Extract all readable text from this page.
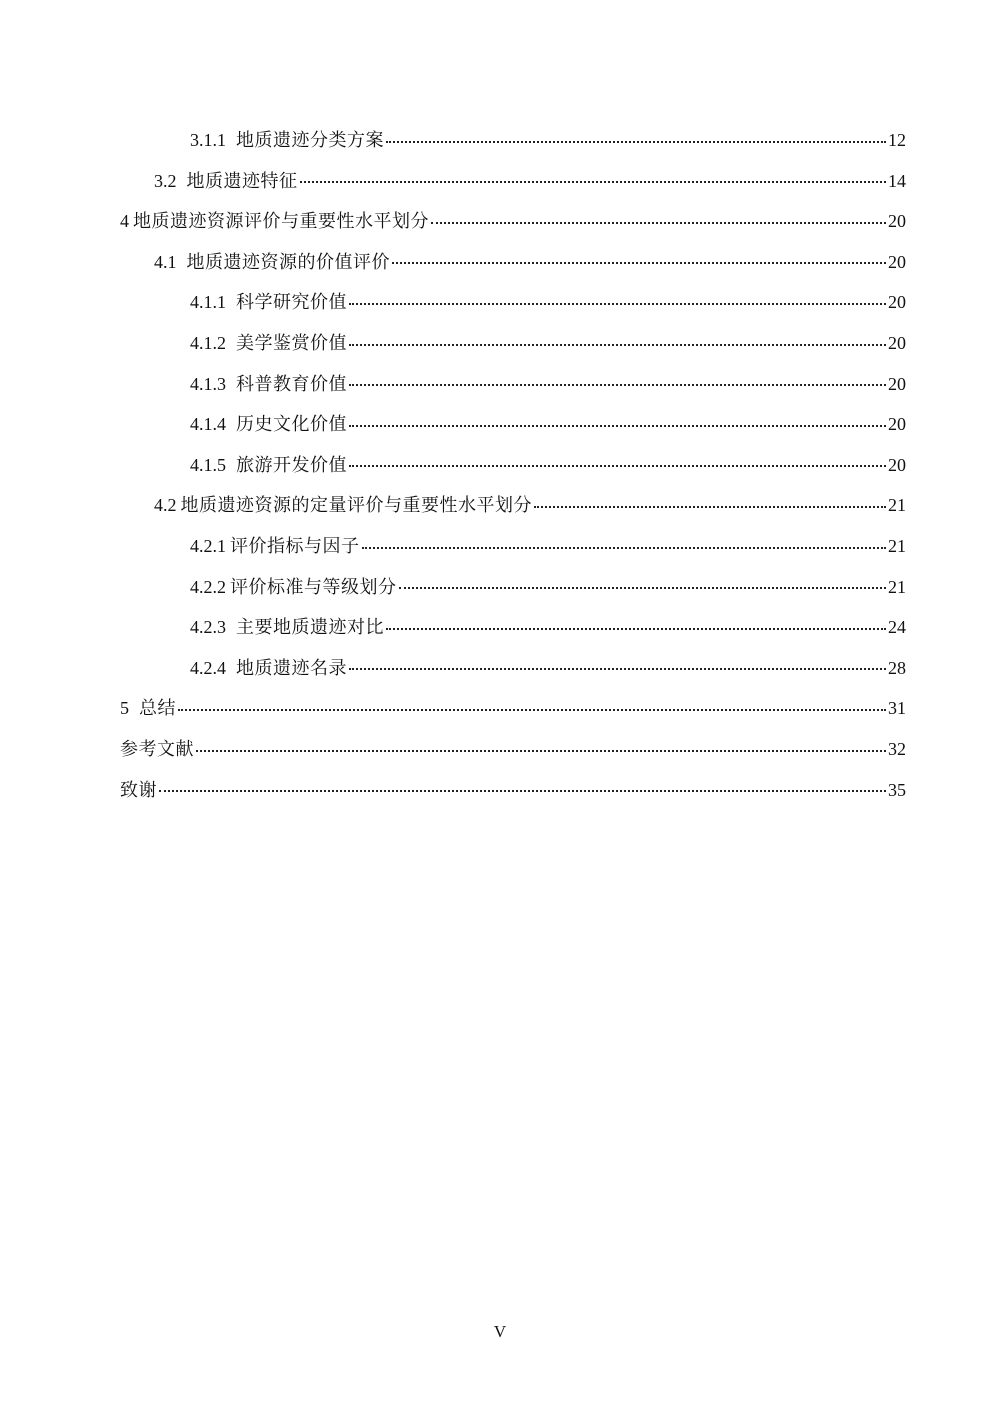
3.1.1 地质遗迹分类方案	12
3.2 地质遗迹特征	14
4 地质遗迹资源评价与重要性水平划分	20
4.1 地质遗迹资源的价值评价	20
4.1.1 科学研究价值	20
4.1.2 美学鉴赏价值	20
4.1.3 科普教育价值	20
4.1.4 历史文化价值	20
4.1.5 旅游开发价值	20
4.2 地质遗迹资源的定量评价与重要性水平划分	21
4.2.1 评价指标与因子	21
4.2.2 评价标准与等级划分	21
4.2.3 主要地质遗迹对比	24
4.2.4 地质遗迹名录	28
5 总结	31
参考文献	32
致谢	35
V
